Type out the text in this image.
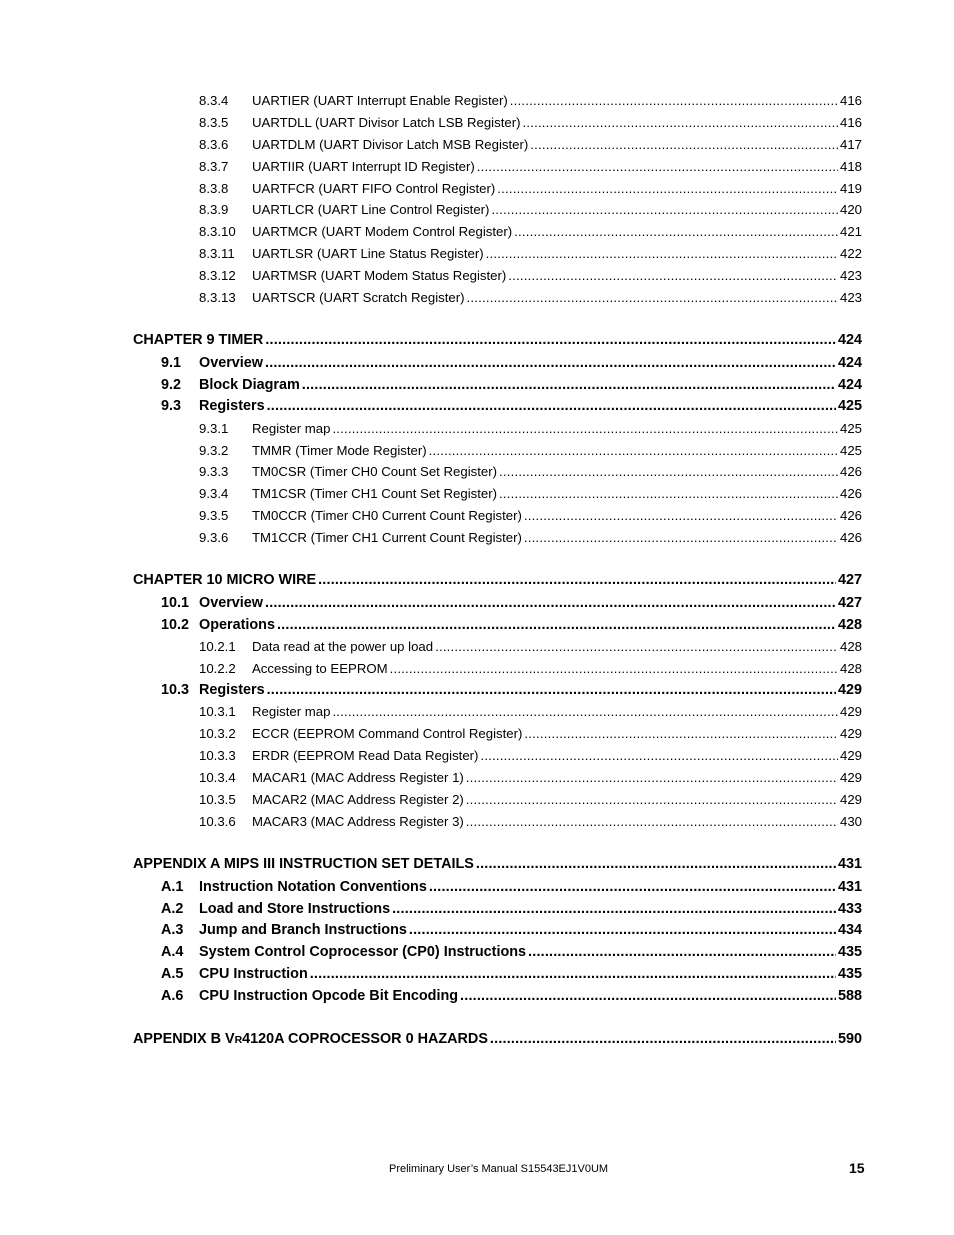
8.3.4	UARTIER (UART Interrupt Enable Register) .....	416
8.3.5	UARTDLL (UART Divisor Latch LSB Register) .....	416
8.3.6	UARTDLM (UART Divisor Latch MSB Register) .....	417
8.3.7	UARTIIR (UART Interrupt ID Register) .....	418
8.3.8	UARTFCR (UART FIFO Control Register) .....	419
8.3.9	UARTLCR (UART Line Control Register) .....	420
8.3.10	UARTMCR (UART Modem Control Register) .....	421
8.3.11	UARTLSR (UART Line Status Register) .....	422
8.3.12	UARTMSR (UART Modem Status Register) .....	423
8.3.13	UARTSCR (UART Scratch Register) .....	423
CHAPTER 9 TIMER .....	424
9.1	Overview .....	424
9.2	Block Diagram .....	424
9.3	Registers .....	425
9.3.1	Register map .....	425
9.3.2	TMMR (Timer Mode Register) .....	425
9.3.3	TM0CSR (Timer CH0 Count Set Register) .....	426
9.3.4	TM1CSR (Timer CH1 Count Set Register) .....	426
9.3.5	TM0CCR (Timer CH0 Current Count Register) .....	426
9.3.6	TM1CCR (Timer CH1 Current Count Register) .....	426
CHAPTER 10 MICRO WIRE .....	427
10.1 Overview .....	427
10.2 Operations .....	428
10.2.1	Data read at the power up load .....	428
10.2.2	Accessing to EEPROM .....	428
10.3 Registers .....	429
10.3.1	Register map .....	429
10.3.2	ECCR (EEPROM Command Control Register) .....	429
10.3.3	ERDR (EEPROM Read Data Register) .....	429
10.3.4	MACAR1 (MAC Address Register 1) .....	429
10.3.5	MACAR2 (MAC Address Register 2) .....	429
10.3.6	MACAR3 (MAC Address Register 3) .....	430
APPENDIX A MIPS III INSTRUCTION SET DETAILS .....	431
A.1	Instruction Notation Conventions .....	431
A.2	Load and Store Instructions .....	433
A.3	Jump and Branch Instructions .....	434
A.4	System Control Coprocessor (CP0) Instructions .....	435
A.5	CPU Instruction .....	435
A.6	CPU Instruction Opcode Bit Encoding .....	588
APPENDIX B VR4120A COPROCESSOR 0 HAZARDS .....	590
Preliminary User’s Manual S15543EJ1V0UM	15
